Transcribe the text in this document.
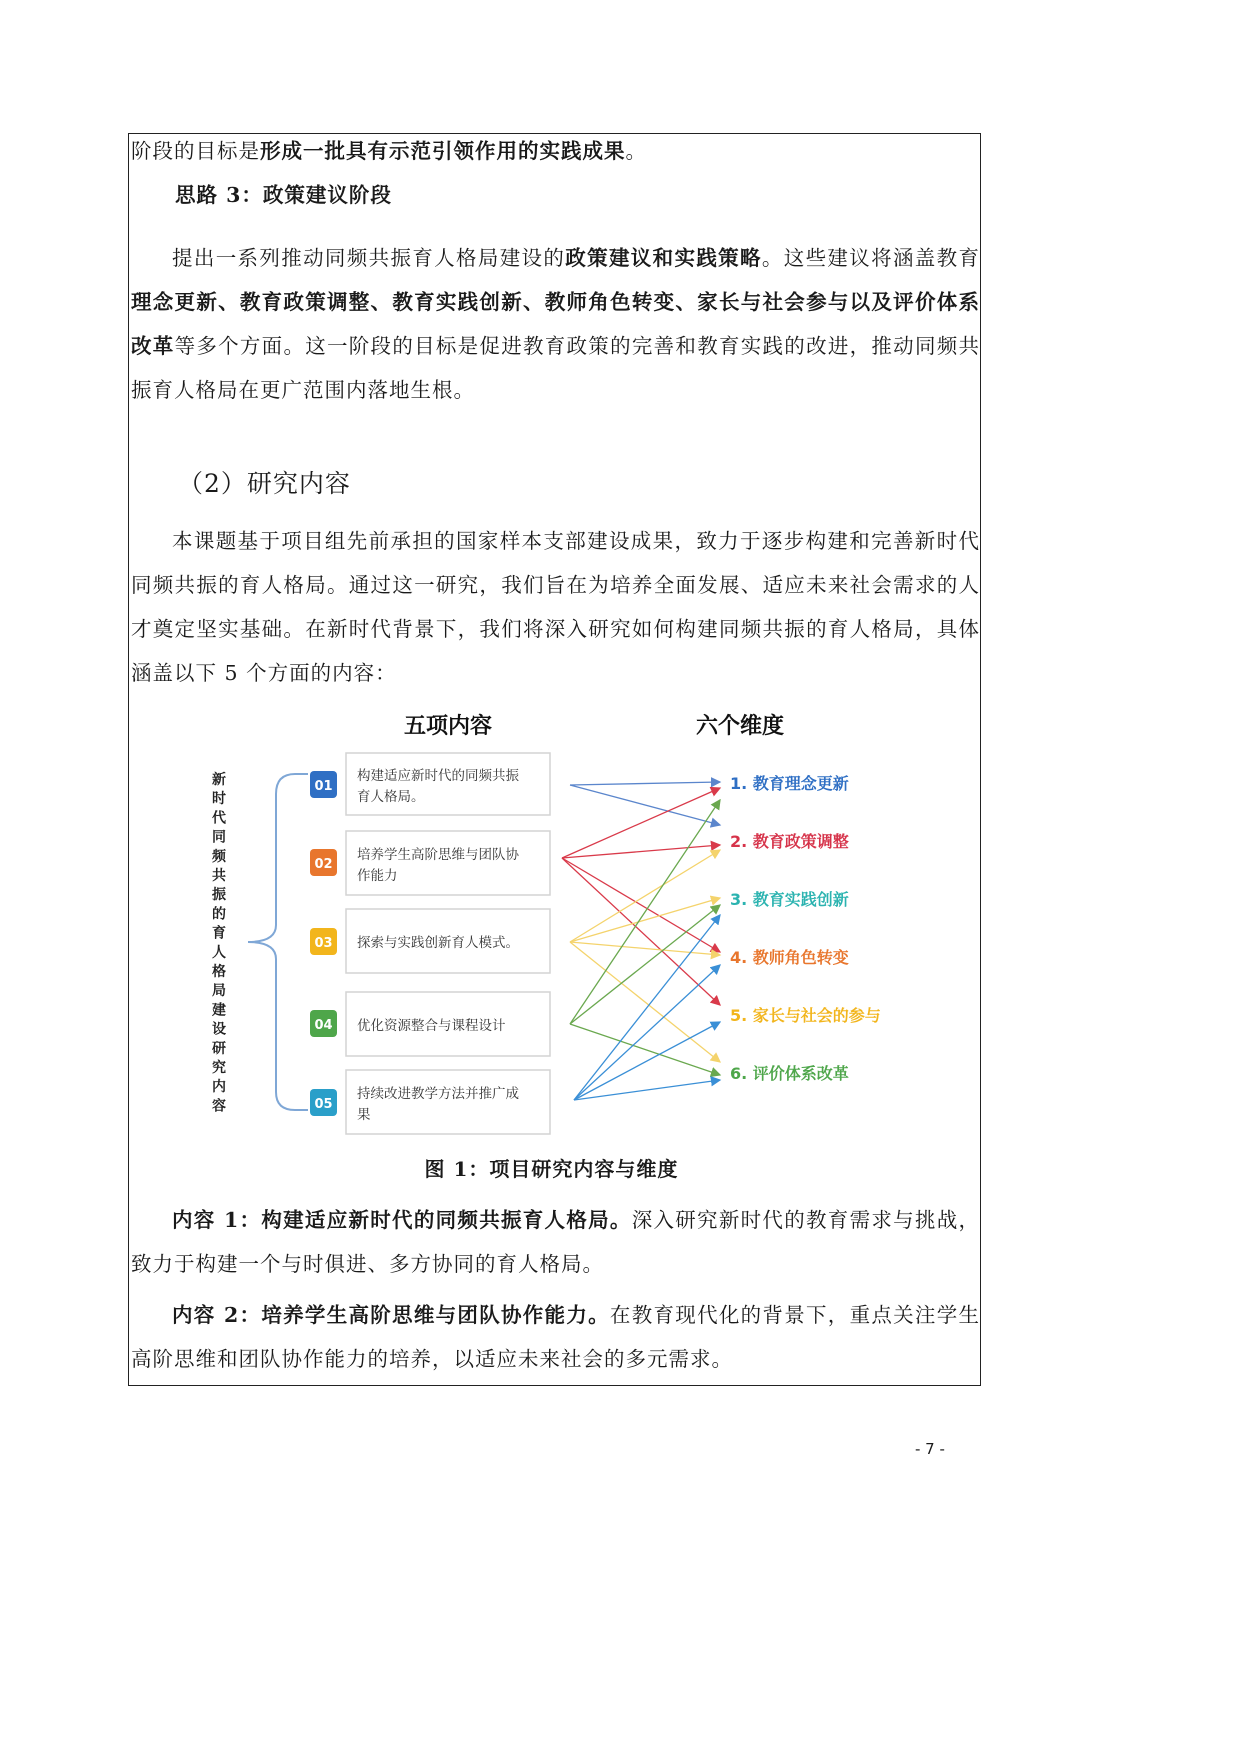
阶段的目标是形成一批具有示范引领作用的实践成果。

思路 3：政策建议阶段

提出一系列推动同频共振育人格局建设的政策建议和实践策略。这些建议将涵盖教育理念更新、教育政策调整、教育实践创新、教师角色转变、家长与社会参与以及评价体系改革等多个方面。这一阶段的目标是促进教育政策的完善和教育实践的改进，推动同频共振育人格局在更广范围内落地生根。

（2）研究内容

本课题基于项目组先前承担的国家样本支部建设成果，致力于逐步构建和完善新时代同频共振的育人格局。通过这一研究，我们旨在为培养全面发展、适应未来社会需求的人才奠定坚实基础。在新时代背景下，我们将深入研究如何构建同频共振的育人格局，具体涵盖以下 5 个方面的内容：

五项内容	六个维度
新时代同频共振的育人格局建设研究内容
01
构建适应新时代的同频共振
育人格局。
02
培养学生高阶思维与团队协
作能力
03 探索与实践创新育人模式。
04 优化资源整合与课程设计
05
持续改进教学方法并推广成
果
1. 教育理念更新
2. 教育政策调整
3. 教育实践创新
4. 教师角色转变
5. 家长与社会的参与
6. 评价体系改革
图 1：项目研究内容与维度

内容 1：构建适应新时代的同频共振育人格局。深入研究新时代的教育需求与挑战，致力于构建一个与时俱进、多方协同的育人格局。

内容 2：培养学生高阶思维与团队协作能力。在教育现代化的背景下，重点关注学生高阶思维和团队协作能力的培养，以适应未来社会的多元需求。

- 7 -
